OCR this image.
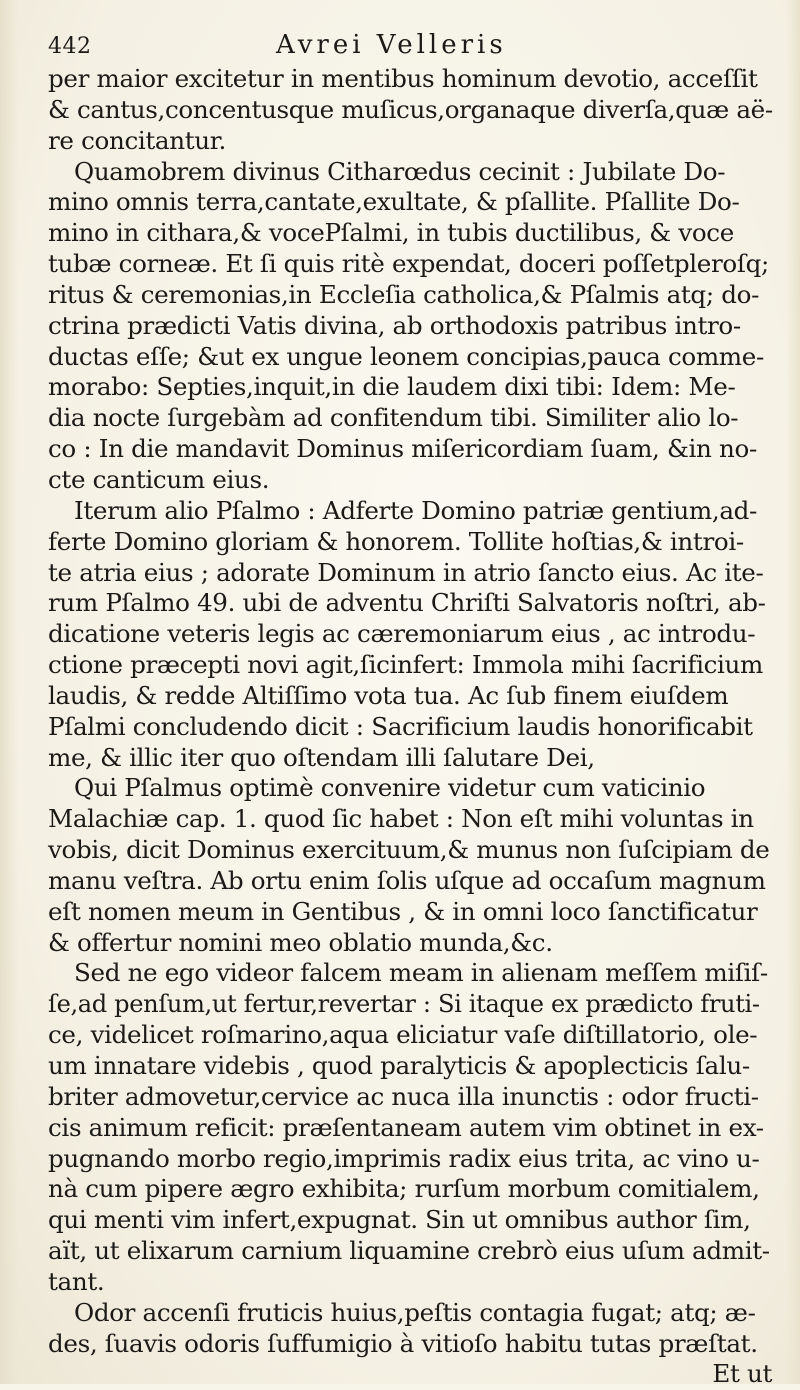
442	Avrei Velleris
per maior excitetur in mentibus hominum devotio, acceſſit
& cantus,concentusque muſicus,organaque diverſa,quæ aë-
re concitantur.
Quamobrem divinus Citharœdus cecinit : Jubilate Do-
mino omnis terra,cantate,exultate, & pſallite. Pſallite Do-
mino in cithara,& vocePſalmi, in tubis ductilibus, & voce
tubæ corneæ. Et ſi quis ritè expendat, doceri poſſetpleroſq;
ritus & ceremonias,in Eccleſia catholica,& Pſalmis atq; do-
ctrina prædicti Vatis divina, ab orthodoxis patribus intro-
ductas eſſe; &ut ex ungue leonem concipias,pauca comme-
morabo: Septies,inquit,in die laudem dixi tibi: Idem: Me-
dia nocte ſurgebàm ad confitendum tibi. Similiter alio lo-
co : In die mandavit Dominus miſericordiam ſuam, &in no-
cte canticum eius.
Iterum alio Pſalmo : Adferte Domino patriæ gentium,ad-
ferte Domino gloriam & honorem. Tollite hoſtias,& introi-
te atria eius ; adorate Dominum in atrio ſancto eius. Ac ite-
rum Pſalmo 49. ubi de adventu Chriſti Salvatoris noſtri, ab-
dicatione veteris legis ac cæremoniarum eius , ac introdu-
ctione præcepti novi agit,ſicinfert: Immola mihi ſacrificium
laudis, & redde Altiſſimo vota tua. Ac ſub finem eiuſdem
Pſalmi concludendo dicit : Sacrificium laudis honorificabit
me, & illic iter quo oſtendam illi ſalutare Dei,
Qui Pſalmus optimè convenire videtur cum vaticinio
Malachiæ cap. 1. quod ſic habet : Non eſt mihi voluntas in
vobis, dicit Dominus exercituum,& munus non ſuſcipiam de
manu veſtra. Ab ortu enim ſolis uſque ad occaſum magnum
eſt nomen meum in Gentibus , & in omni loco ſanctificatur
& offertur nomini meo oblatio munda,&c.
Sed ne ego videor falcem meam in alienam meſſem miſiſ-
ſe,ad penſum,ut fertur,revertar : Si itaque ex prædicto fruti-
ce, videlicet roſmarino,aqua eliciatur vaſe diſtillatorio, ole-
um innatare videbis , quod paralyticis & apoplecticis ſalu-
briter admovetur,cervice ac nuca illa inunctis : odor fructi-
cis animum reficit: præſentaneam autem vim obtinet in ex-
pugnando morbo regio,imprimis radix eius trita, ac vino u-
nà cum pipere ægro exhibita; rurſum morbum comitialem,
qui menti vim infert,expugnat. Sin ut omnibus author ſim,
aït, ut elixarum carnium liquamine crebrò eius uſum admit-
tant.
Odor accenſi fruticis huius,peſtis contagia fugat; atq; æ-
des, ſuavis odoris ſuffumigio à vitioſo habitu tutas præſtat.
Et ut
